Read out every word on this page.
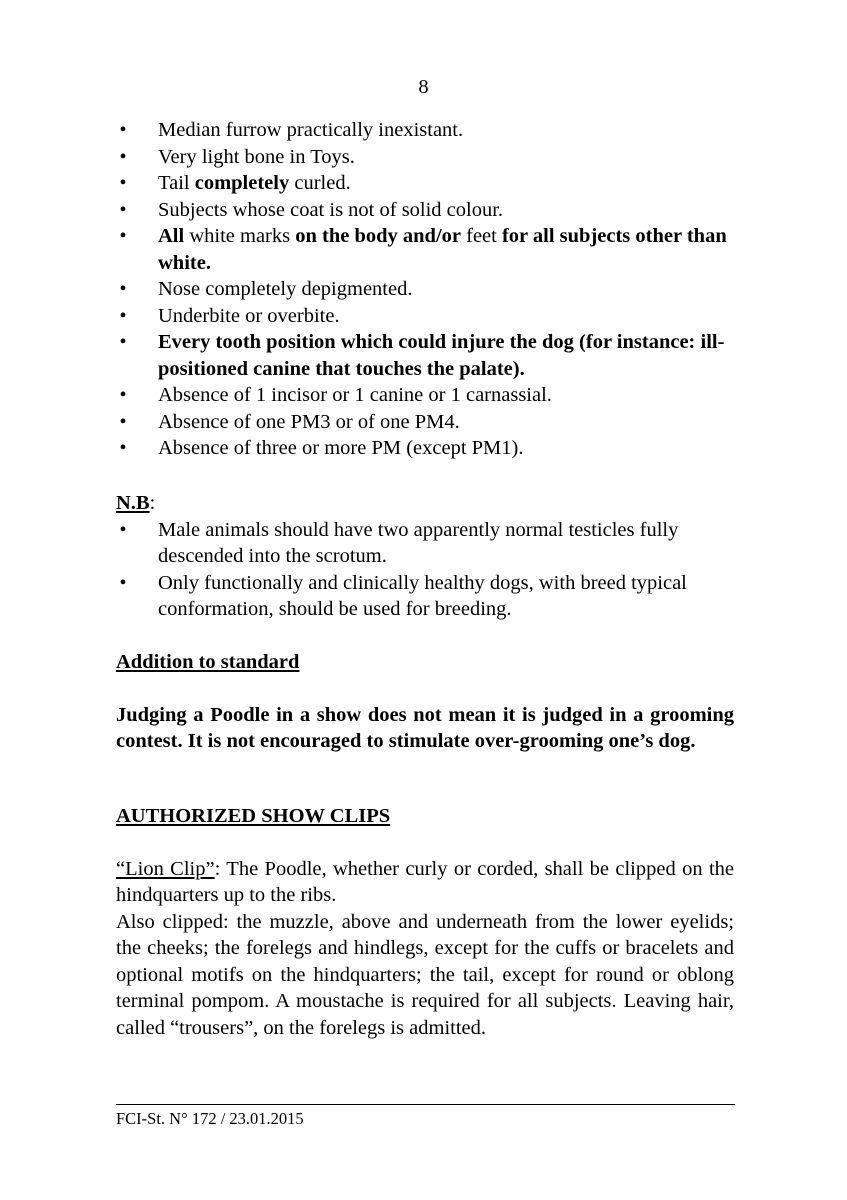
8
• Median furrow practically inexistant.
• Very light bone in Toys.
• Tail completely curled.
• Subjects whose coat is not of solid colour.
• All white marks on the body and/or feet for all subjects other than white.
• Nose completely depigmented.
• Underbite or overbite.
• Every tooth position which could injure the dog (for instance: ill-positioned canine that touches the palate).
• Absence of 1 incisor or 1 canine or 1 carnassial.
• Absence of one PM3 or of one PM4.
• Absence of three or more PM (except PM1).
N.B:
• Male animals should have two apparently normal testicles fully descended into the scrotum.
• Only functionally and clinically healthy dogs, with breed typical conformation, should be used for breeding.
Addition to standard

Judging a Poodle in a show does not mean it is judged in a grooming contest. It is not encouraged to stimulate over-grooming one’s dog.

AUTHORIZED SHOW CLIPS

“Lion Clip”: The Poodle, whether curly or corded, shall be clipped on the hindquarters up to the ribs.

Also clipped: the muzzle, above and underneath from the lower eyelids; the cheeks; the forelegs and hindlegs, except for the cuffs or bracelets and optional motifs on the hindquarters; the tail, except for round or oblong terminal pompom. A moustache is required for all subjects. Leaving hair, called “trousers”, on the forelegs is admitted.

FCI-St. N° 172 / 23.01.2015
